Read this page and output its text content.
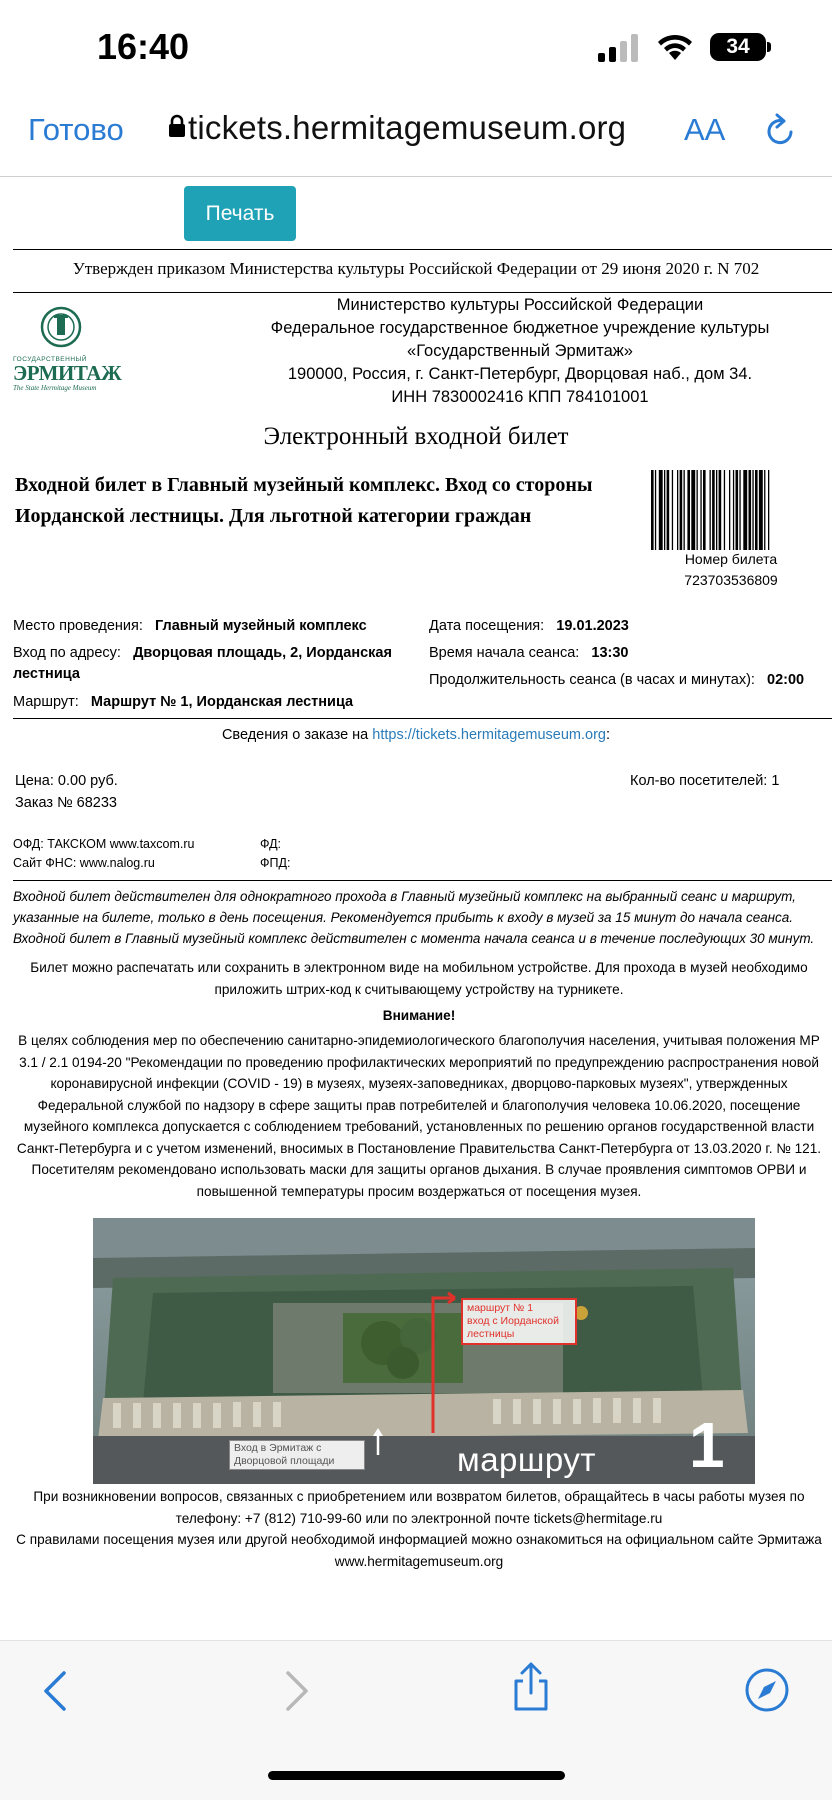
16:40	34
Готово tickets.hermitagemuseum.org AA
Печать
Утвержден приказом Министерства культуры Российской Федерации от 29 июня 2020 г. N 702
ГОСУДАРСТВЕННЫЙ
ЭРМИТАЖ
The State Hermitage Museum
Министерство культуры Российской Федерации
Федеральное государственное бюджетное учреждение культуры
«Государственный Эрмитаж»
190000, Россия, г. Санкт-Петербург, Дворцовая наб., дом 34.
ИНН 7830002416 КПП 784101001
Электронный входной билет
Входной билет в Главный музейный комплекс. Вход со стороны Иорданской лестницы. Для льготной категории граждан
Номер билета
723703536809
Место проведения: Главный музейный комплекс
Вход по адресу: Дворцовая площадь, 2, Иорданская
лестница
Маршрут: Маршрут № 1, Иорданская лестница
Дата посещения: 19.01.2023
Время начала сеанса: 13:30
Продолжительность сеанса (в часах и минутах): 02:00
Сведения о заказе на https://tickets.hermitagemuseum.org:
Цена: 0.00 руб.
Заказ № 68233
Кол-во посетителей: 1
ОФД: ТАКСКОМ www.taxcom.ru
Сайт ФНС: www.nalog.ru
ФД:
ФПД:
Входной билет действителен для однократного прохода в Главный музейный комплекс на выбранный сеанс и маршрут,
указанные на билете, только в день посещения. Рекомендуется прибыть к входу в музей за 15 минут до начала сеанса.
Входной билет в Главный музейный комплекс действителен с момента начала сеанса и в течение последующих 30 минут.
Билет можно распечатать или сохранить в электронном виде на мобильном устройстве. Для прохода в музей необходимо
приложить штрих-код к считывающему устройству на турникете.
Внимание!
В целях соблюдения мер по обеспечению санитарно-эпидемиологического благополучия населения, учитывая положения МР
3.1 / 2.1 0194-20 "Рекомендации по проведению профилактических мероприятий по предупреждению распространения новой
коронавирусной инфекции (COVID - 19) в музеях, музеях-заповедниках, дворцово-парковых музеях", утвержденных
Федеральной службой по надзору в сфере защиты прав потребителей и благополучия человека 10.06.2020, посещение
музейного комплекса допускается с соблюдением требований, установленных по решению органов государственной власти
Санкт-Петербурга и с учетом изменений, вносимых в Постановление Правительства Санкт-Петербурга от 13.03.2020 г. № 121.
Посетителям рекомендовано использовать маски для защиты органов дыхания. В случае проявления симптомов ОРВИ и
повышенной температуры просим воздержаться от посещения музея.
маршрут № 1
вход с Иорданской
лестницы
Вход в Эрмитаж с
Дворцовой площади	маршрут 1
При возникновении вопросов, связанных с приобретением или возвратом билетов, обращайтесь в часы работы музея по
телефону: +7 (812) 710-99-60 или по электронной почте tickets@hermitage.ru
С правилами посещения музея или другой необходимой информацией можно ознакомиться на официальном сайте Эрмитажа
www.hermitagemuseum.org
